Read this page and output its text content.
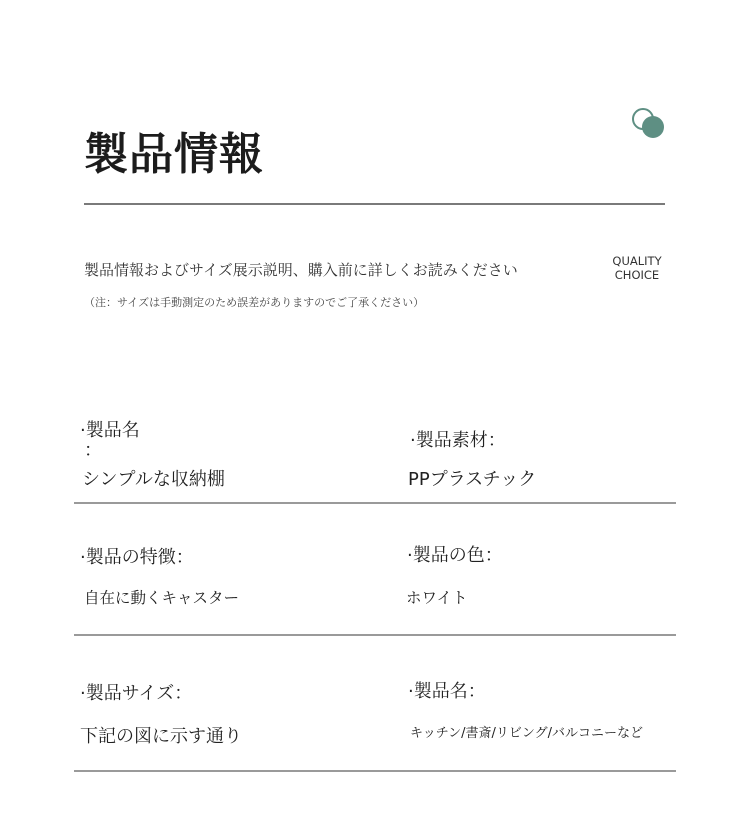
製品情報
製品情報およびサイズ展示説明、購入前に詳しくお読みください
（注：サイズは手動測定のため誤差がありますのでご了承ください）
QUALITY
CHOICE
·製品名
：
シンプルな収納棚
·製品素材：
PPプラスチック
·製品の特徴：
自在に動くキャスター
·製品の色：
ホワイト
·製品サイズ：
下記の図に示す通り
·製品名：
キッチン/書斎/リビング/バルコニーなど
